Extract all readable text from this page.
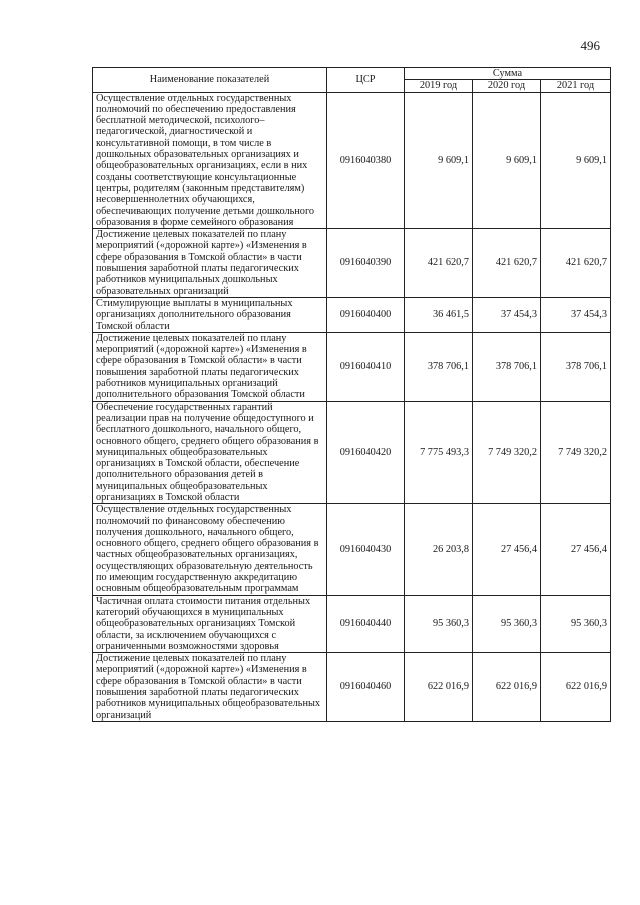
496
Наименование показателей	ЦСР	Сумма		
		2019 год	2020 год	2021 год
Осуществление отдельных государственных полномочий по обеспечению предоставления бесплатной методической, психолого–педагогической, диагностической и консультативной помощи, в том числе в дошкольных образовательных организациях и общеобразовательных организациях, если в них созданы соответствующие консультационные центры, родителям (законным представителям) несовершеннолетних обучающихся, обеспечивающих получение детьми дошкольного образования в форме семейного образования	0916040380	9 609,1	9 609,1	9 609,1
Достижение целевых показателей по плану мероприятий («дорожной карте») «Изменения в сфере образования в Томской области» в части повышения заработной платы педагогических работников муниципальных дошкольных образовательных организаций	0916040390	421 620,7	421 620,7	421 620,7
Стимулирующие выплаты в муниципальных организациях дополнительного образования Томской области	0916040400	36 461,5	37 454,3	37 454,3
Достижение целевых показателей по плану мероприятий («дорожной карте») «Изменения в сфере образования в Томской области» в части повышения заработной платы педагогических работников муниципальных организаций дополнительного образования Томской области	0916040410	378 706,1	378 706,1	378 706,1
Обеспечение государственных гарантий реализации прав на получение общедоступного и бесплатного дошкольного, начального общего, основного общего, среднего общего образования в муниципальных общеобразовательных организациях в Томской области, обеспечение дополнительного образования детей в муниципальных общеобразовательных организациях в Томской области	0916040420	7 775 493,3	7 749 320,2	7 749 320,2
Осуществление отдельных государственных полномочий по финансовому обеспечению получения дошкольного, начального общего, основного общего, среднего общего образования в частных общеобразовательных организациях, осуществляющих образовательную деятельность по имеющим государственную аккредитацию основным общеобразовательным программам	0916040430	26 203,8	27 456,4	27 456,4
Частичная оплата стоимости питания отдельных категорий обучающихся в муниципальных общеобразовательных организациях Томской области, за исключением обучающихся с ограниченными возможностями здоровья	0916040440	95 360,3	95 360,3	95 360,3
Достижение целевых показателей по плану мероприятий («дорожной карте») «Изменения в сфере образования в Томской области» в части повышения заработной платы педагогических работников муниципальных общеобразовательных организаций	0916040460	622 016,9	622 016,9	622 016,9
